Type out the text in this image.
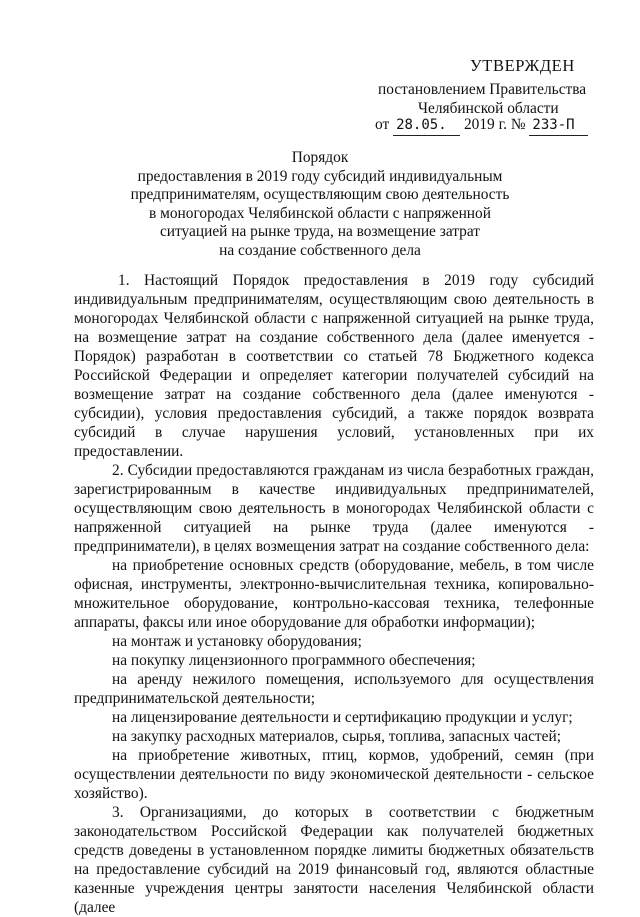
УТВЕРЖДЕН
постановлением Правительства
Челябинской области
от 28.05. 2019 г. № 233-П
Порядок
предоставления в 2019 году субсидий индивидуальным
предпринимателям, осуществляющим свою деятельность
в моногородах Челябинской области с напряженной
ситуацией на рынке труда, на возмещение затрат
на создание собственного дела

1. Настоящий Порядок предоставления в 2019 году субсидий индивидуальным предпринимателям, осуществляющим свою деятельность в моногородах Челябинской области с напряженной ситуацией на рынке труда, на возмещение затрат на создание собственного дела (далее именуется - Порядок) разработан в соответствии со статьей 78 Бюджетного кодекса Российской Федерации и определяет категории получателей субсидий на возмещение затрат на создание собственного дела (далее именуются - субсидии), условия предоставления субсидий, а также порядок возврата субсидий в случае нарушения условий, установленных при их предоставлении.

2. Субсидии предоставляются гражданам из числа безработных граждан, зарегистрированным в качестве индивидуальных предпринимателей, осуществляющим свою деятельность в моногородах Челябинской области с напряженной ситуацией на рынке труда (далее именуются - предприниматели), в целях возмещения затрат на создание собственного дела:

на приобретение основных средств (оборудование, мебель, в том числе офисная, инструменты, электронно-вычислительная техника, копировально-множительное оборудование, контрольно-кассовая техника, телефонные аппараты, факсы или иное оборудование для обработки информации);

на монтаж и установку оборудования;

на покупку лицензионного программного обеспечения;

на аренду нежилого помещения, используемого для осуществления предпринимательской деятельности;

на лицензирование деятельности и сертификацию продукции и услуг;

на закупку расходных материалов, сырья, топлива, запасных частей;

на приобретение животных, птиц, кормов, удобрений, семян (при осуществлении деятельности по виду экономической деятельности - сельское хозяйство).

3. Организациями, до которых в соответствии с бюджетным законодательством Российской Федерации как получателей бюджетных средств доведены в установленном порядке лимиты бюджетных обязательств на предоставление субсидий на 2019 финансовый год, являются областные казенные учреждения центры занятости населения Челябинской области (далее
